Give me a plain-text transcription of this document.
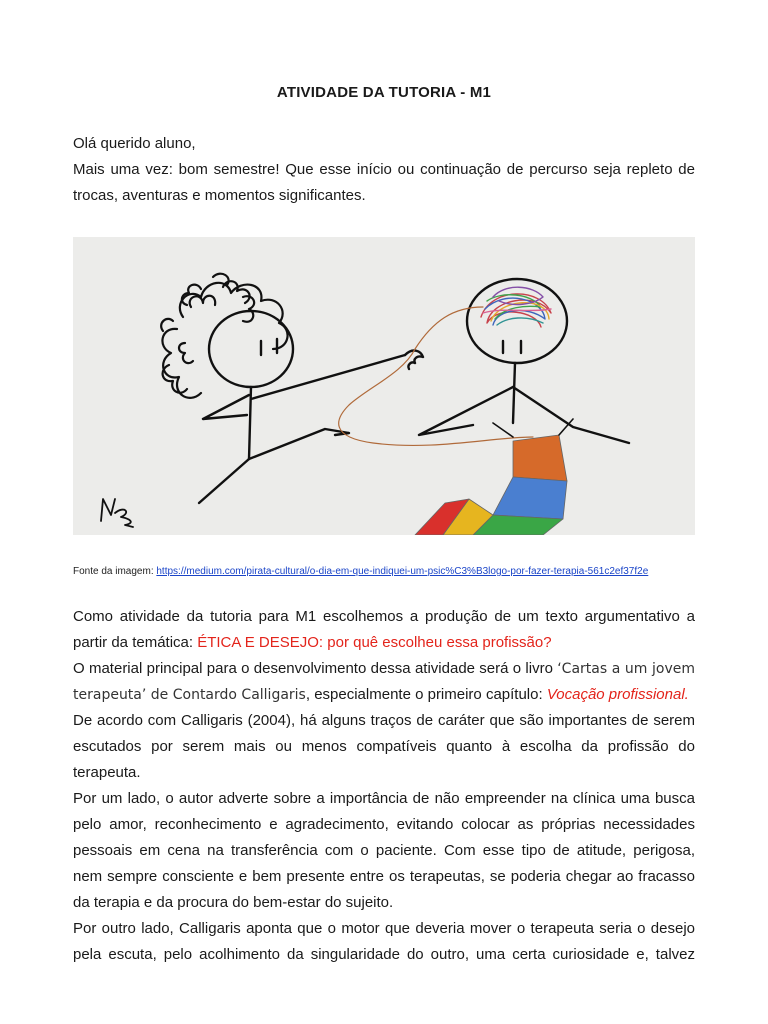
ATIVIDADE DA TUTORIA - M1
Olá querido aluno,
Mais uma vez: bom semestre! Que esse início ou continuação de percurso seja repleto de
trocas, aventuras e momentos significantes.
Fonte da imagem: https://medium.com/pirata-cultural/o-dia-em-que-indiquei-um-psic%C3%B3logo-por-fazer-terapia-561c2ef37f2e
Como atividade da tutoria para M1 escolhemos a produção de um texto argumentativo a
partir da temática: ÉTICA E DESEJO: por quê escolheu essa profissão?
O material principal para o desenvolvimento dessa atividade será o livro ‘Cartas a um jovem
terapeuta’ de Contardo Calligaris, especialmente o primeiro capítulo: Vocação profissional.
De acordo com Calligaris (2004), há alguns traços de caráter que são importantes de serem
escutados por serem mais ou menos compatíveis quanto à escolha da profissão do
terapeuta.
Por um lado, o autor adverte sobre a importância de não empreender na clínica uma busca
pelo amor, reconhecimento e agradecimento, evitando colocar as próprias necessidades
pessoais em cena na transferência com o paciente. Com esse tipo de atitude, perigosa,
nem sempre consciente e bem presente entre os terapeutas, se poderia chegar ao fracasso
da terapia e da procura do bem-estar do sujeito.
Por outro lado, Calligaris aponta que o motor que deveria mover o terapeuta seria o desejo
pela escuta, pelo acolhimento da singularidade do outro, uma certa curiosidade e, talvez
